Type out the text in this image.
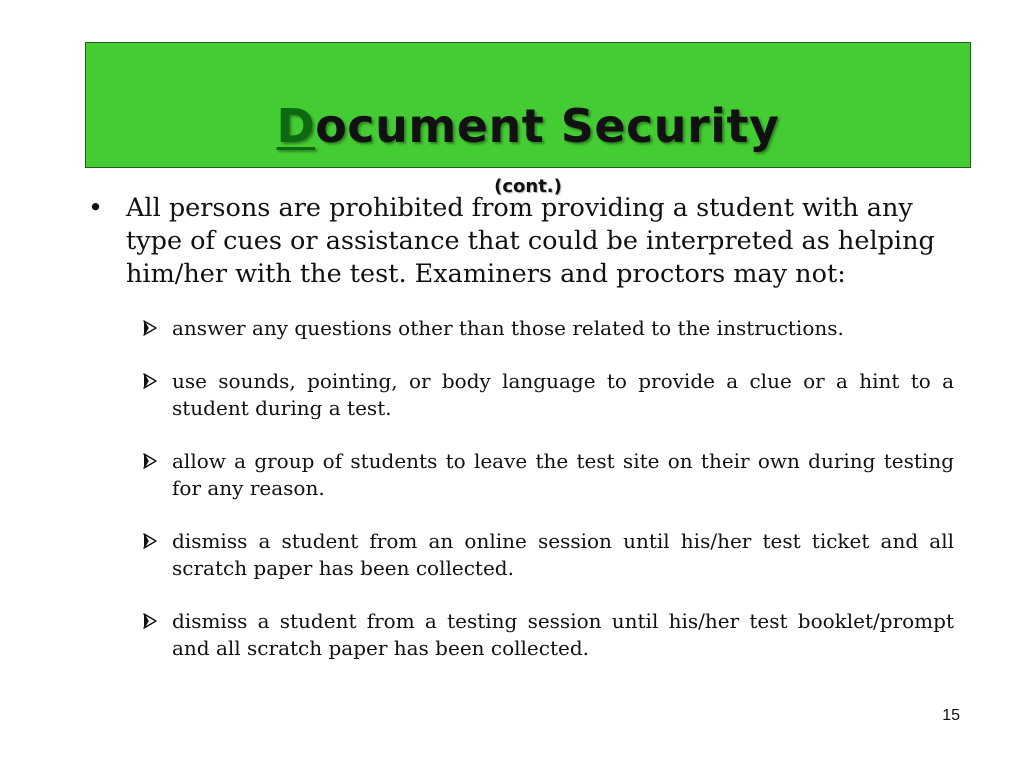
Document Security
(cont.)

• All persons are prohibited from providing a student with any type of cues or assistance that could be interpreted as helping him/her with the test. Examiners and proctors may not:

answer any questions other than those related to the instructions.

use sounds, pointing, or body language to provide a clue or a hint to a student during a test.

allow a group of students to leave the test site on their own during testing for any reason.

dismiss a student from an online session until his/her test ticket and all scratch paper has been collected.

dismiss a student from a testing session until his/her test booklet/prompt and all scratch paper has been collected.

15
